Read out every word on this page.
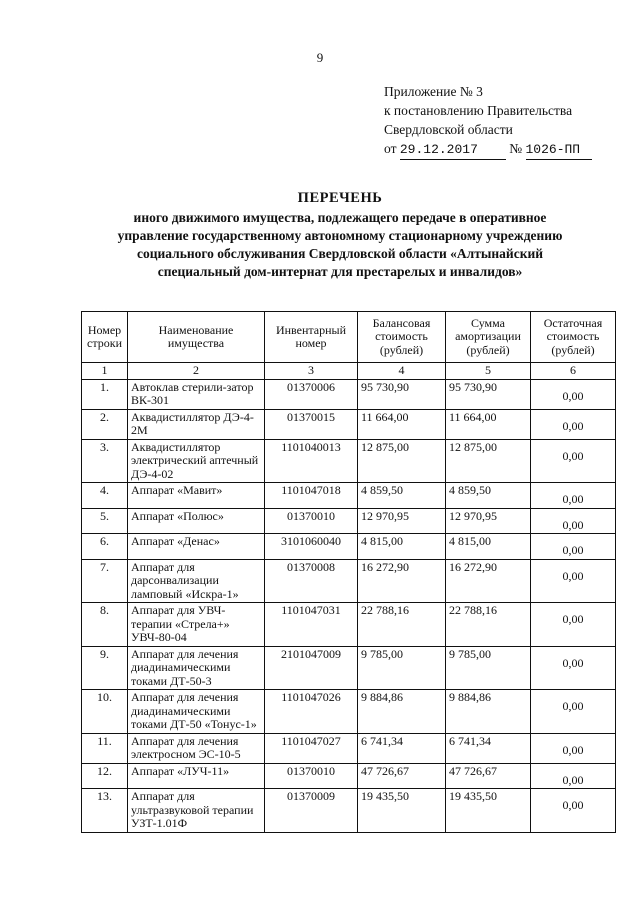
9
Приложение № 3
к постановлению Правительства
Свердловской области
от 29.12.2017 № 1026-ПП
ПЕРЕЧЕНЬ
иного движимого имущества, подлежащего передаче в оперативное
управление государственному автономному стационарному учреждению
социального обслуживания Свердловской области «Алтынайский
специальный дом-интернат для престарелых и инвалидов»
Номер строки	Наименование имущества	Инвентарный номер	Балансовая стоимость (рублей)	Сумма амортизации (рублей)	Остаточная стоимость (рублей)
1	2	3	4	5	6
1.	Автоклав стерили-затор ВК-301	01370006	95 730,90	95 730,90	0,00
2.	Аквадистиллятор ДЭ-4-2М	01370015	11 664,00	11 664,00	0,00
3.	Аквадистиллятор электрический аптечный ДЭ-4-02	1101040013	12 875,00	12 875,00	0,00
4.	Аппарат «Мавит»	1101047018	4 859,50	4 859,50	0,00
5.	Аппарат «Полюс»	01370010	12 970,95	12 970,95	0,00
6.	Аппарат «Денас»	3101060040	4 815,00	4 815,00	0,00
7.	Аппарат для дарсонвализации ламповый «Искра-1»	01370008	16 272,90	16 272,90	0,00
8.	Аппарат для УВЧ-терапии «Стрела+» УВЧ-80-04	1101047031	22 788,16	22 788,16	0,00
9.	Аппарат для лечения диадинамическими токами ДТ-50-3	2101047009	9 785,00	9 785,00	0,00
10.	Аппарат для лечения диадинамическими токами ДТ-50 «Тонус-1»	1101047026	9 884,86	9 884,86	0,00
11.	Аппарат для лечения электросном ЭС-10-5	1101047027	6 741,34	6 741,34	0,00
12.	Аппарат «ЛУЧ-11»	01370010	47 726,67	47 726,67	0,00
13.	Аппарат для ультразвуковой терапии УЗТ-1.01Ф	01370009	19 435,50	19 435,50	0,00
